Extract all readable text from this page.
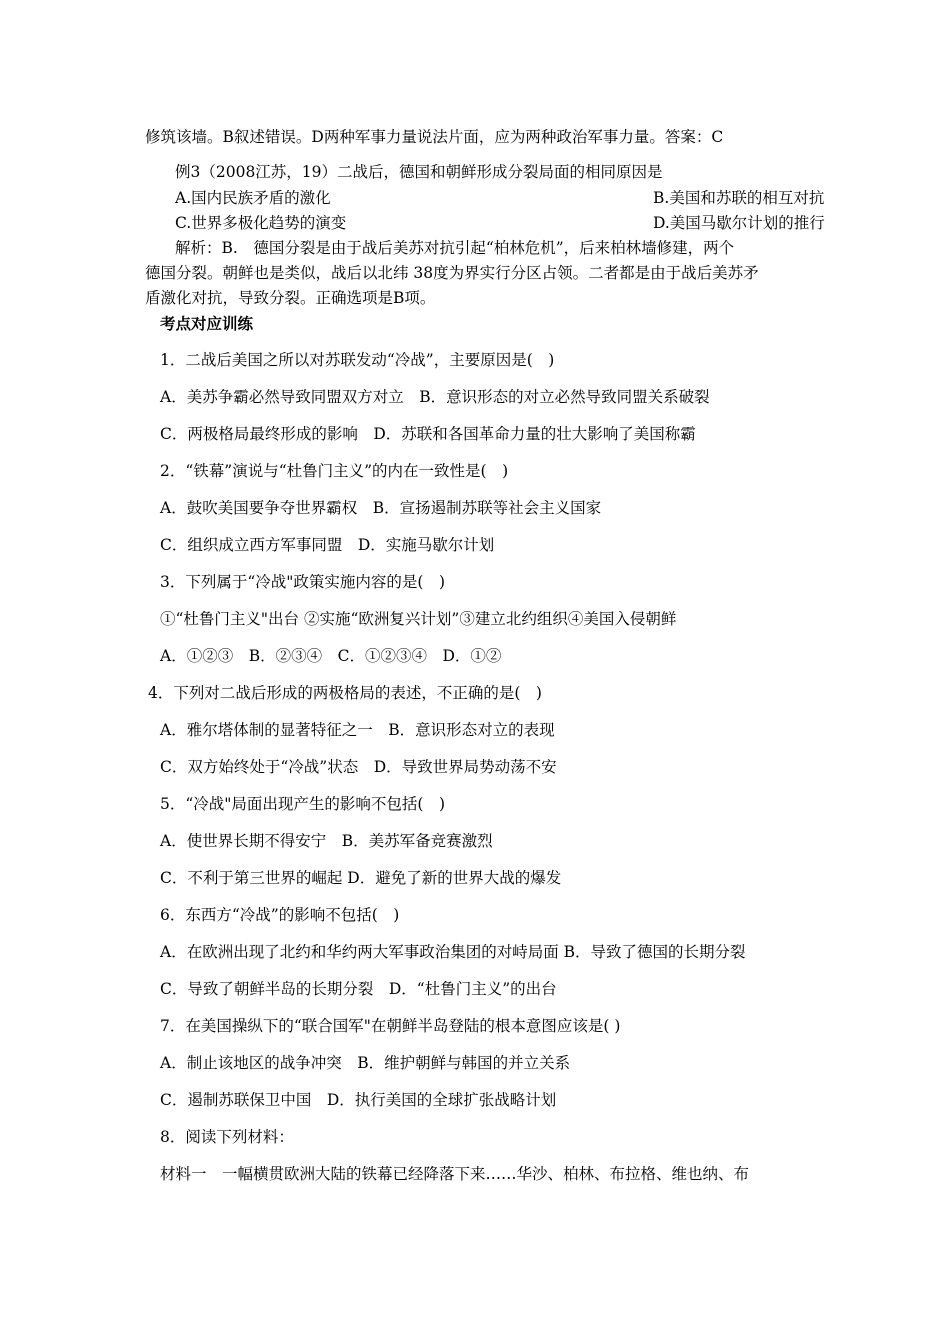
修筑该墙。B叙述错误。D两种军事力量说法片面，应为两种政治军事力量。答案：C
例3（2008江苏，19）二战后，德国和朝鲜形成分裂局面的相同原因是
A.国内民族矛盾的激化	B.美国和苏联的相互对抗
C.世界多极化趋势的演变	D.美国马歇尔计划的推行
解析：B.　德国分裂是由于战后美苏对抗引起“柏林危机”，后来柏林墙修建，两个
德国分裂。朝鲜也是类似，战后以北纬 38度为界实行分区占领。二者都是由于战后美苏矛
盾激化对抗，导致分裂。正确选项是B项。
考点对应训练
1．二战后美国之所以对苏联发动“冷战”，主要原因是(　)
A．美苏争霸必然导致同盟双方对立　B．意识形态的对立必然导致同盟关系破裂
C．两极格局最终形成的影响　D．苏联和各国革命力量的壮大影响了美国称霸
2．“铁幕”演说与“杜鲁门主义”的内在一致性是(　)
A．鼓吹美国要争夺世界霸权　B．宣扬遏制苏联等社会主义国家
C．组织成立西方军事同盟　D．实施马歇尔计划
3．下列属于“冷战"政策实施内容的是(　)
①“杜鲁门主义"出台 ②实施“欧洲复兴计划”③建立北约组织④美国入侵朝鲜
A．①②③　B．②③④　C．①②③④　D．①②
4．下列对二战后形成的两极格局的表述，不正确的是(　)
A．雅尔塔体制的显著特征之一　B．意识形态对立的表现
C．双方始终处于“冷战”状态　D．导致世界局势动荡不安
5．“冷战"局面出现产生的影响不包括(　)
A．使世界长期不得安宁　B．美苏军备竞赛激烈
C．不利于第三世界的崛起 D．避免了新的世界大战的爆发
6．东西方“冷战”的影响不包括(　)
A．在欧洲出现了北约和华约两大军事政治集团的对峙局面 B．导致了德国的长期分裂
C．导致了朝鲜半岛的长期分裂　D．“杜鲁门主义”的出台
7．在美国操纵下的“联合国军"在朝鲜半岛登陆的根本意图应该是( )
A．制止该地区的战争冲突　B．维护朝鲜与韩国的并立关系
C．遏制苏联保卫中国　D．执行美国的全球扩张战略计划
8．阅读下列材料：
材料一　一幅横贯欧洲大陆的铁幕已经降落下来……华沙、柏林、布拉格、维也纳、布
